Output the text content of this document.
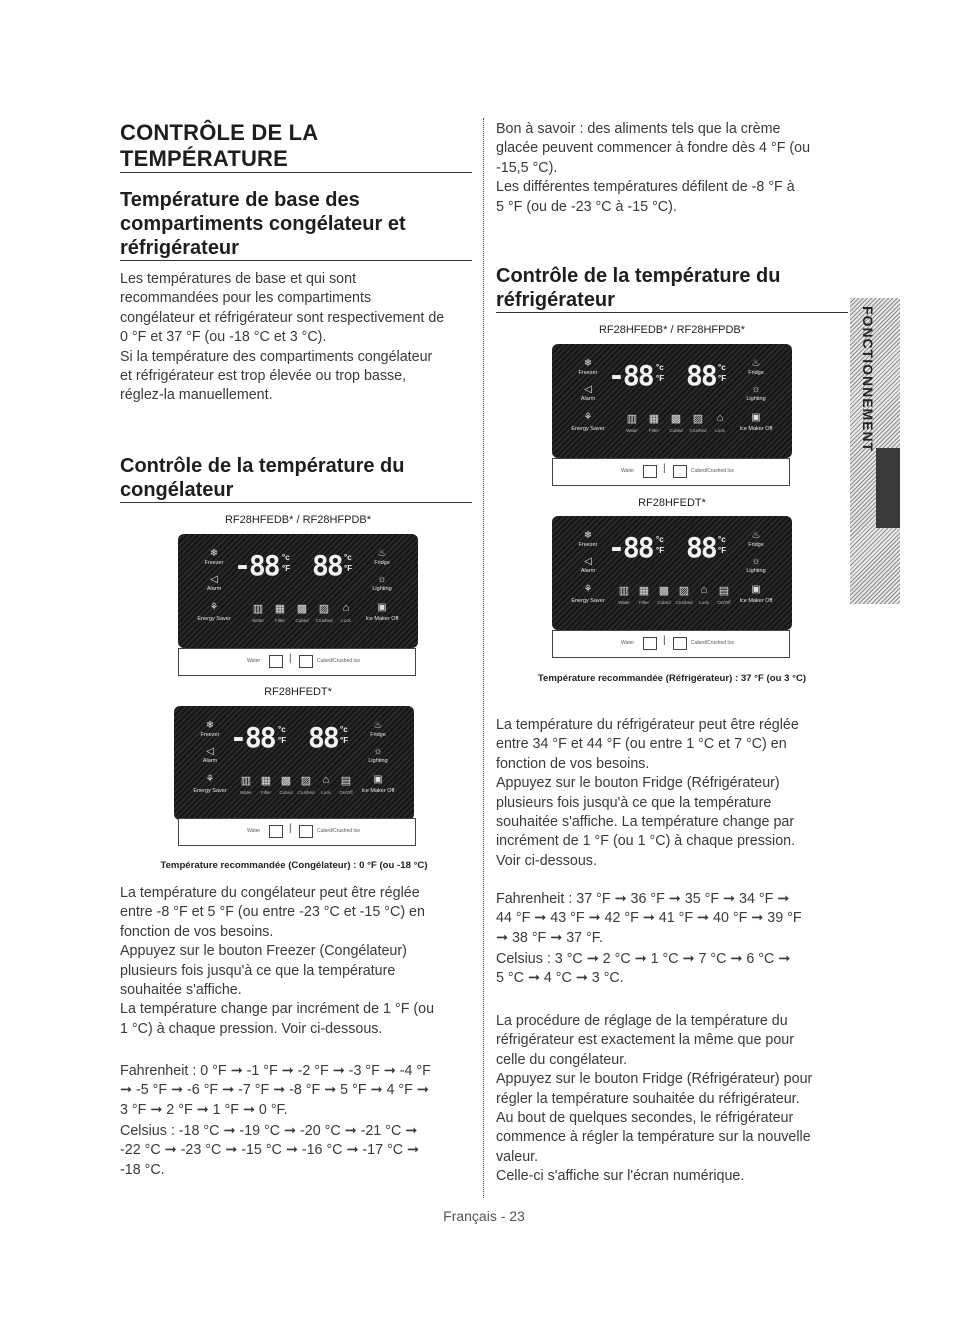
CONTRÔLE DE LA
TEMPÉRATURE
Température de base des
compartiments congélateur et
réfrigérateur

Les températures de base et qui sont
recommandées pour les compartiments
congélateur et réfrigérateur sont respectivement de
0 °F et 37 °F (ou -18 °C et 3 °C).
Si la température des compartiments congélateur
et réfrigérateur est trop élevée ou trop basse,
réglez-la manuellement.

Contrôle de la température du
congélateur
RF28HFEDB* / RF28HFPDB*
❄
Freezer
◁
Alarm
⚘
Energy Saver
-88 °c
°F 88 °c
°F
♨
Fridge
☼
Lighting
▣
Ice Maker Off
▥ ▦ ▩ ▨	⌂
Water	Filter	Cubed	Crushed	Lock
Water	|	Cubed/Crushed Ice
RF28HFEDT*
❄
Freezer
◁
Alarm
⚘
Energy Saver
-88 °c
°F 88 °c
°F
♨
Fridge
☼
Lighting
▣
Ice Maker Off
▥ ▦ ▩ ▨	⌂	▤
Water	Filter	Cubed	Crushed	Lock	On/Off
Water	|	Cubed/Crushed Ice
Température recommandée (Congélateur) : 0 °F (ou -18 °C)

La température du congélateur peut être réglée
entre -8 °F et 5 °F (ou entre -23 °C et -15 °C) en
fonction de vos besoins.
Appuyez sur le bouton Freezer (Congélateur)
plusieurs fois jusqu'à ce que la température
souhaitée s'affiche.
La température change par incrément de 1 °F (ou
1 °C) à chaque pression. Voir ci-dessous.

Fahrenheit : 0 °F ➞ -1 °F ➞ -2 °F ➞ -3 °F ➞ -4 °F
➞ -5 °F ➞ -6 °F ➞ -7 °F ➞ -8 °F ➞ 5 °F ➞ 4 °F ➞
3 °F ➞ 2 °F ➞ 1 °F ➞ 0 °F.

Celsius : -18 °C ➞ -19 °C ➞ -20 °C ➞ -21 °C ➞
-22 °C ➞ -23 °C ➞ -15 °C ➞ -16 °C ➞ -17 °C ➞
-18 °C.

Bon à savoir : des aliments tels que la crème
glacée peuvent commencer à fondre dès 4 °F (ou
-15,5 °C).
Les différentes températures défilent de -8 °F à
5 °F (ou de -23 °C à -15 °C).

Contrôle de la température du
réfrigérateur
RF28HFEDB* / RF28HFPDB*
❄
Freezer
◁
Alarm
⚘
Energy Saver
-88 °c
°F 88 °c
°F
♨
Fridge
☼
Lighting
▣
Ice Maker Off
▥ ▦ ▩ ▨	⌂
Water	Filter	Cubed	Crushed	Lock
Water	|	Cubed/Crushed Ice
RF28HFEDT*
❄
Freezer
◁
Alarm
⚘
Energy Saver
-88 °c
°F 88 °c
°F
♨
Fridge
☼
Lighting
▣
Ice Maker Off
▥ ▦ ▩ ▨	⌂	▤
Water	Filter	Cubed	Crushed	Lock	On/Off
Water	|	Cubed/Crushed Ice
Température recommandée (Réfrigérateur) : 37 °F (ou 3 °C)

La température du réfrigérateur peut être réglée
entre 34 °F et 44 °F (ou entre 1 °C et 7 °C) en
fonction de vos besoins.
Appuyez sur le bouton Fridge (Réfrigérateur)
plusieurs fois jusqu'à ce que la température
souhaitée s'affiche. La température change par
incrément de 1 °F (ou 1 °C) à chaque pression.
Voir ci-dessous.

Fahrenheit : 37 °F ➞ 36 °F ➞ 35 °F ➞ 34 °F ➞
44 °F ➞ 43 °F ➞ 42 °F ➞ 41 °F ➞ 40 °F ➞ 39 °F
➞ 38 °F ➞ 37 °F.

Celsius : 3 °C ➞ 2 °C ➞ 1 °C ➞ 7 °C ➞ 6 °C ➞
5 °C ➞ 4 °C ➞ 3 °C.

La procédure de réglage de la température du
réfrigérateur est exactement la même que pour
celle du congélateur.
Appuyez sur le bouton Fridge (Réfrigérateur) pour
régler la température souhaitée du réfrigérateur.
Au bout de quelques secondes, le réfrigérateur
commence à régler la température sur la nouvelle
valeur.
Celle-ci s'affiche sur l'écran numérique.

FONCTIONNEMENT
Français - 23
